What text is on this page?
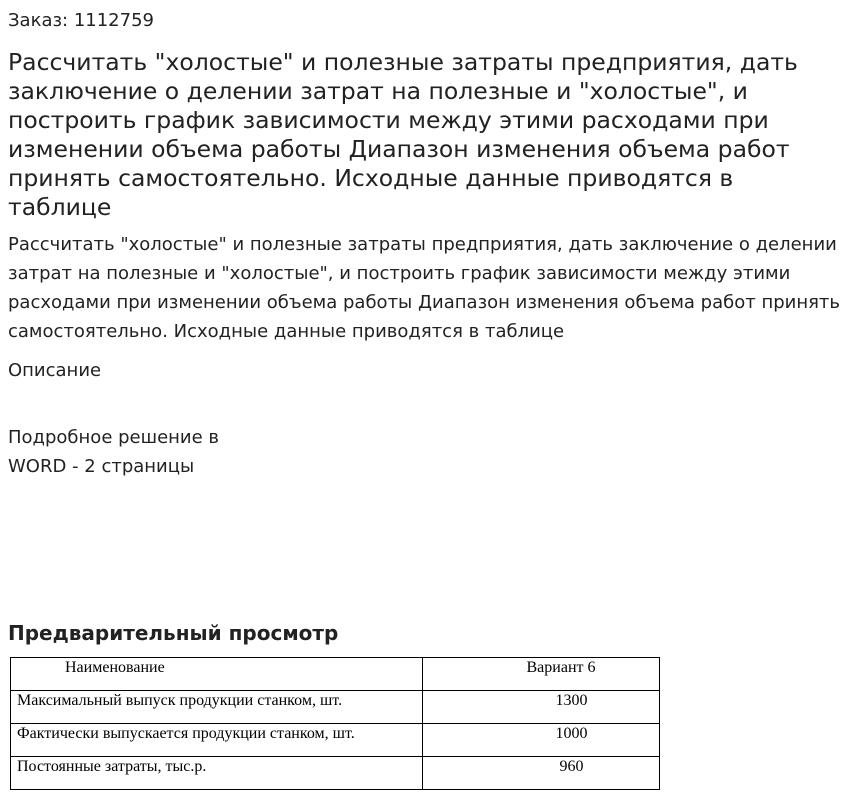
Заказ: 1112759
Рассчитать "холостые" и полезные затраты предприятия, дать заключение о делении затрат на полезные и "холостые", и построить график зависимости между этими расходами при изменении объема работы Диапазон изменения объема работ принять самостоятельно. Исходные данные приводятся в таблице
Рассчитать "холостые" и полезные затраты предприятия, дать заключение о делении затрат на полезные и "холостые", и построить график зависимости между этими расходами при изменении объема работы Диапазон изменения объема работ принять самостоятельно. Исходные данные приводятся в таблице
Описание
Подробное решение в WORD - 2 страницы
Предварительный просмотр
Наименование	Вариант 6
Максимальный выпуск продукции станком, шт.	1300
Фактически выпускается продукции станком, шт.	1000
Постоянные затраты, тыс.р.	960
